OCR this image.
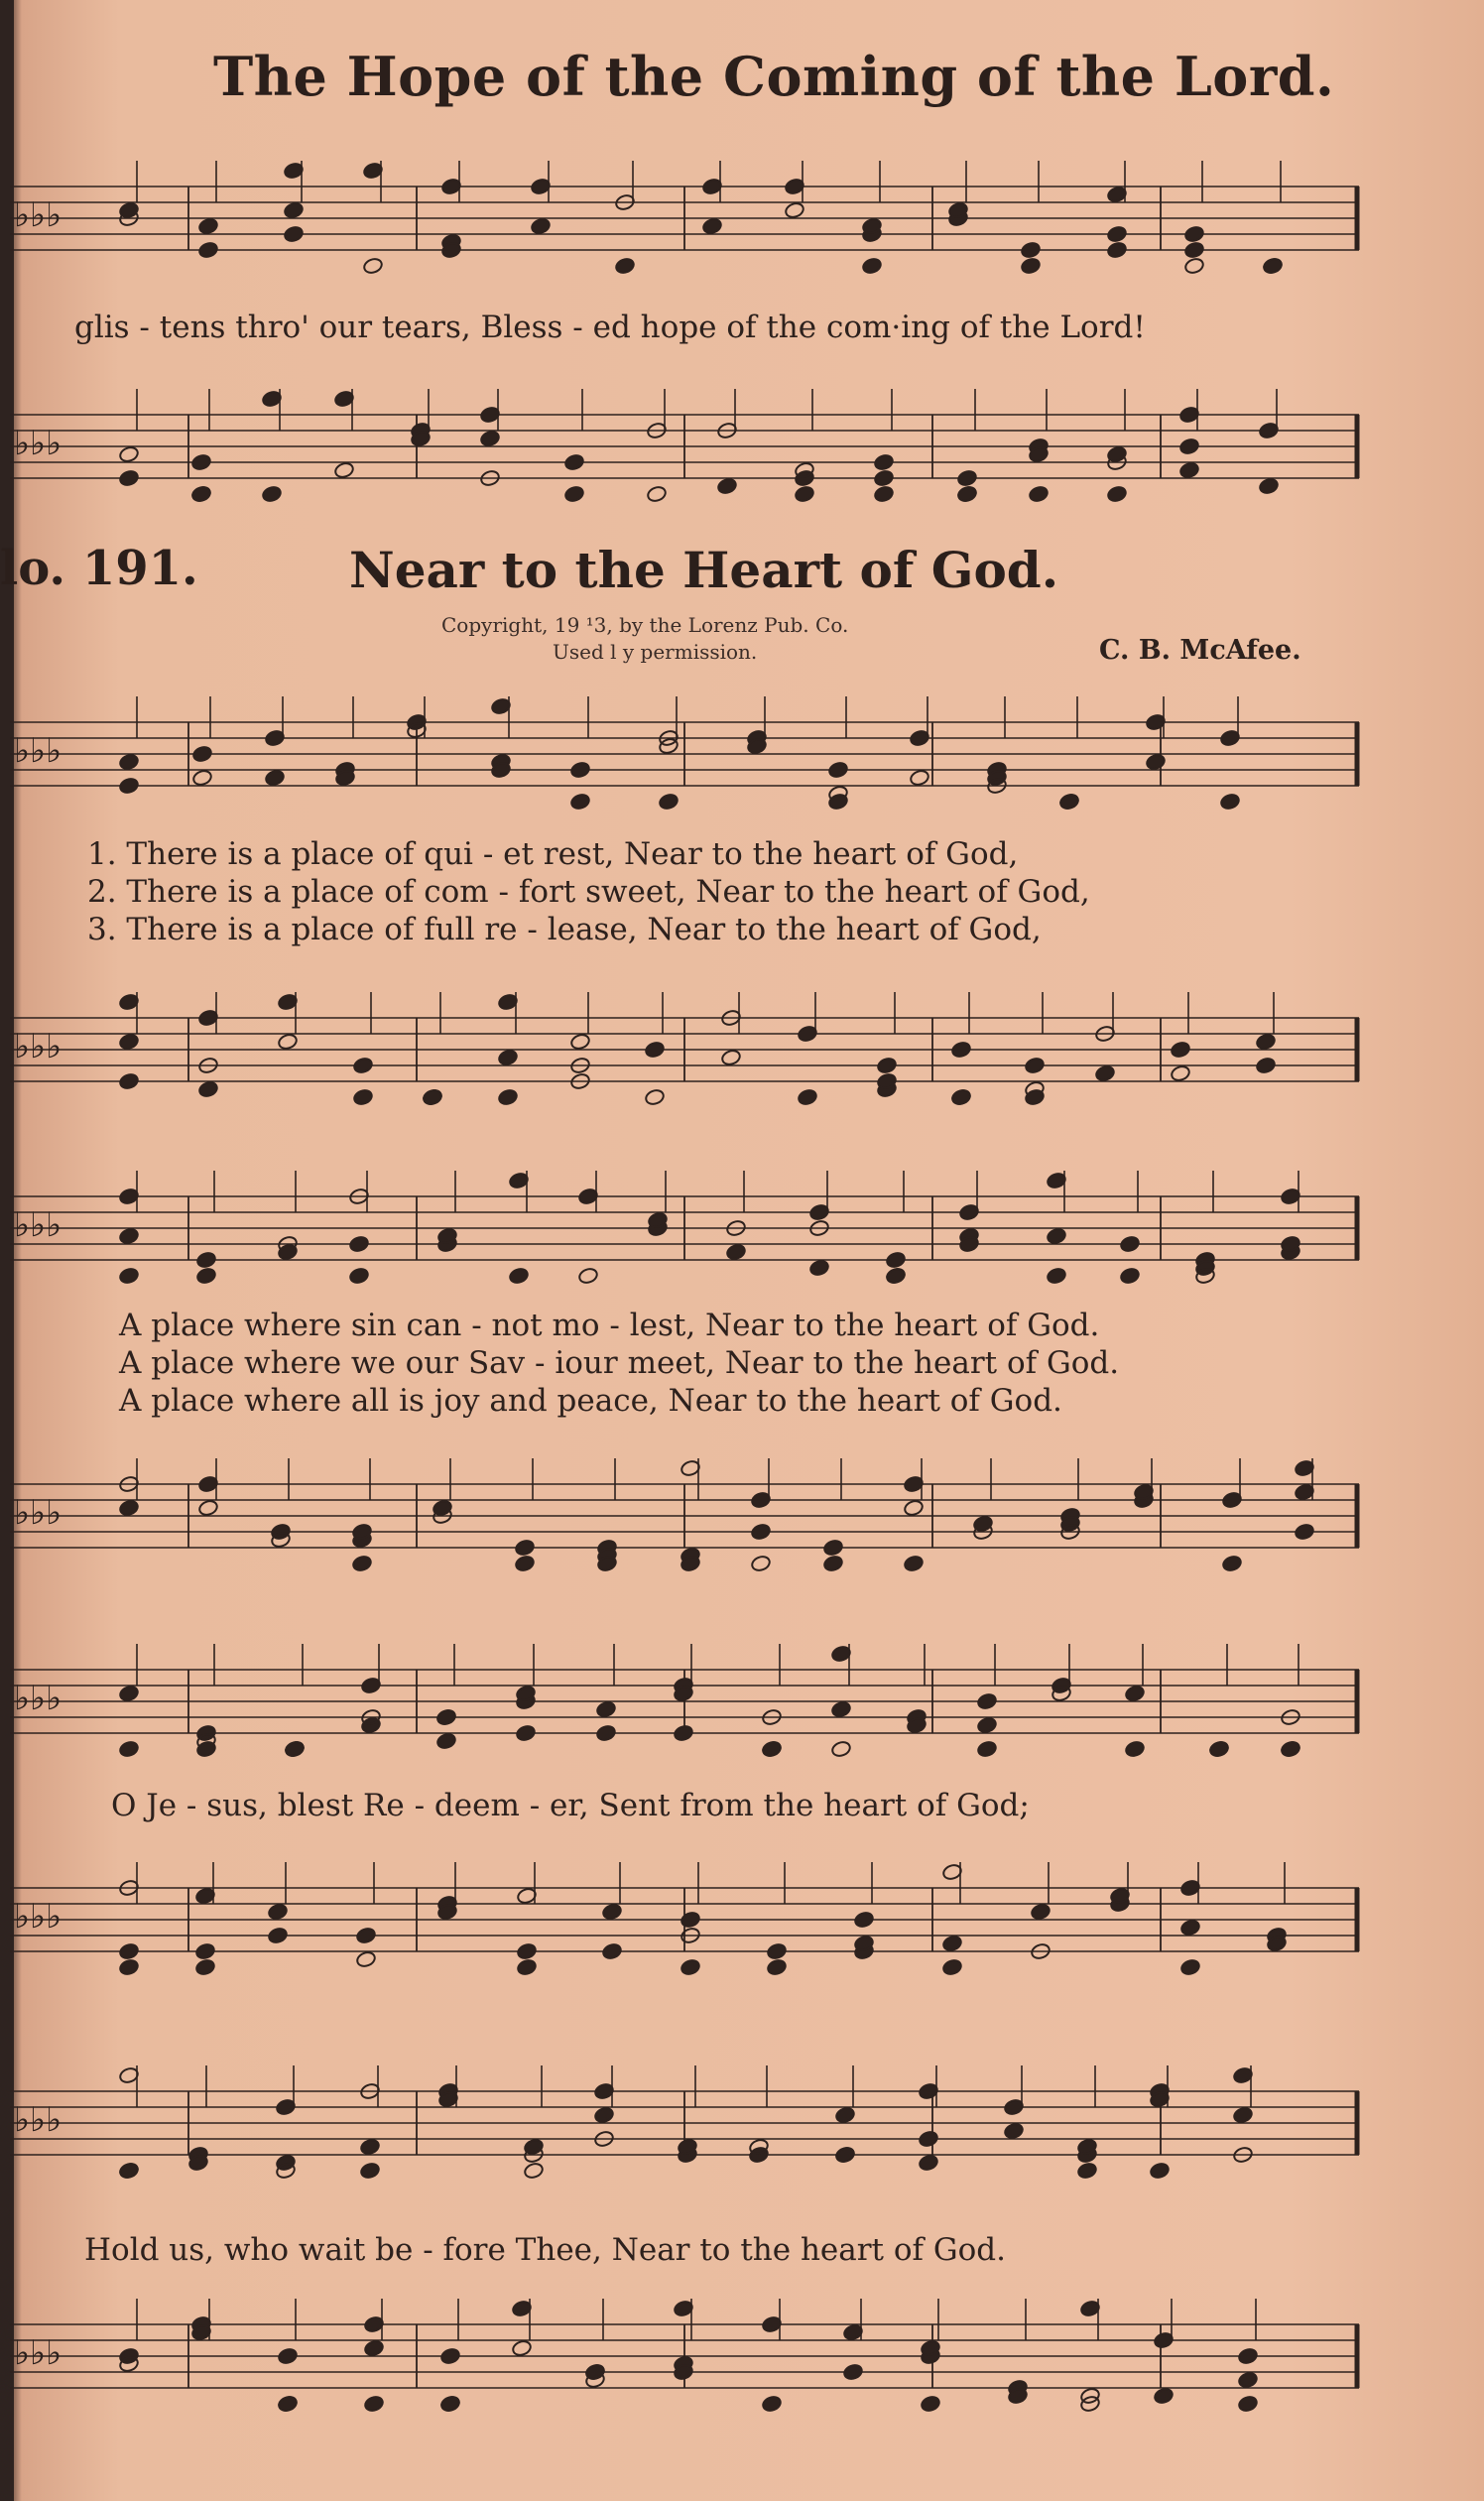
The Hope of the Coming of the Lord.
♭♭♭
glis - tens thro' our tears, Bless - ed hope of the com·ing of the Lord!
♭♭♭
lo. 191.	Near to the Heart of God.
Copyright, 19 ¹3, by the Lorenz Pub. Co.
Used l y permission.	C. B. McAfee.
♭♭♭
1. There is a place of qui - et rest, Near to the heart of God,
2. There is a place of com - fort sweet, Near to the heart of God,
3. There is a place of full re - lease, Near to the heart of God,
♭♭♭
♭♭♭
A place where sin can - not mo - lest, Near to the heart of God.
A place where we our Sav - iour meet, Near to the heart of God.
A place where all is joy and peace, Near to the heart of God.
♭♭♭
♭♭♭
O Je - sus, blest Re - deem - er, Sent from the heart of God;
♭♭♭
♭♭♭
Hold us, who wait be - fore Thee, Near to the heart of God.
♭♭♭
